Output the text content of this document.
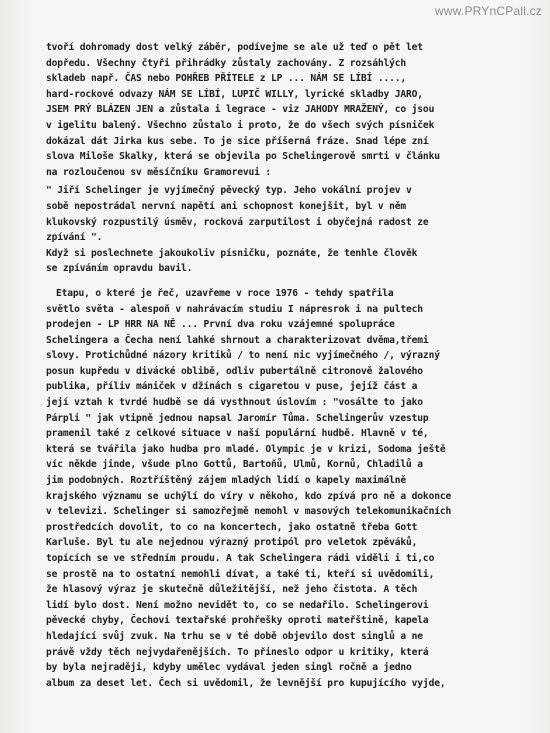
www.PRYnCPall.cz
tvoří dohromady dost velký záběr, podívejme se ale už teď o pět let
dopředu. Všechny čtyři přihrádky zůstaly zachovány. Z rozsáhlých
skladeb např. ČAS nebo POHŘEB PŘÍTELE z LP ... NÁM SE LÍBÍ ....,
hard-rockové odvazy NÁM SE LÍBÍ, LUPIČ WILLY, lyrické skladby JARO,
JSEM PRÝ BLÁZEN JEN a zůstala i legrace - viz JAHODY MRAŽENÝ, co jsou
v igelitu balený. Všechno zůstalo i proto, že do všech svých písniček
dokázal dát Jirka kus sebe. To je sice příšerná fráze. Snad lépe zní
slova Miloše Skalky, která se objevila po Schelingerově smrti v článku
na rozloučenou sv měsíčníku Gramorevui :
" Jiří Schelinger je vyjímečný pěvecký typ. Jeho vokální projev v
sobě nepostrádal nervní napětí ani schopnost konejšit, byl v něm
klukovský rozpustilý úsměv, rocková zarputilost i obyčejná radost ze
zpívání ".
Když si poslechnete jakoukoliv písničku, poznáte, že tenhle člověk
se zpíváním opravdu bavil.
Etapu, o které je řeč, uzavřeme v roce 1976 - tehdy spatřila
světlo světa - alespoň v nahrávacím studiu I nápresrok i na pultech
prodejen - LP HRR NA NĚ ... První dva roku vzájemné spolupráce
Schelingera a Čecha není lahké shrnout a charakterizovat dvěma,třemi
slovy. Protichůdné názory kritiků / to není nic vyjímečného /, výrazný
posun kupředu v divácké oblibě, odliv pubertálně citronově žalového
publika, příliv mániček v džínách s cigaretou v puse, jejíž část a
její vztah k tvrdé hudbě se dá vysthnout úslovím : "vosálte to jako
Párpli " jak vtipně jednou napsal Jaromír Tůma. Schelingerův vzestup
pramenil také z celkové situace v naší populární hudbě. Hlavně v té,
která se tvářila jako hudba pro mladé. Olympic je v krizi, Sodoma ještě
víc někde jinde, všude plno Gottů, Bartoňů, Ulmů, Kornů, Chladilů a
jim podobných. Roztříštěný zájem mladých lidí o kapely maximálně
krajského významu se uchýlí do víry v někoho, kdo zpívá pro ně a dokonce
v televizi. Schelinger si samozřejmě nemohl v masových telekomunikačních
prostředcích dovolit, to co na koncertech, jako ostatně třeba Gott
Karluše. Byl tu ale nejednou výrazný protipól pro veletok zpěváků,
topících se ve středním proudu. A tak Schelingera rádi viděli i ti,co
se prostě na to ostatní nemohli dívat, a také ti, kteří si uvědomili,
že hlasový výraz je skutečně důležitější, než jeho čistota. A těch
lidí bylo dost. Není možno nevidět to, co se nedařilo. Schelingerovi
pěvecké chyby, Čechovi textařské prohřešky oproti mateřštině, kapela
hledající svůj zvuk. Na trhu se v té době objevilo dost singlů a ne
právě vždy těch nejvydařenějších. To přineslo odpor u kritiky, která
by byla nejraději, kdyby umělec vydával jeden singl ročně a jedno
album za deset let. Čech si uvědomil, že levnější pro kupujícího vyjde,
